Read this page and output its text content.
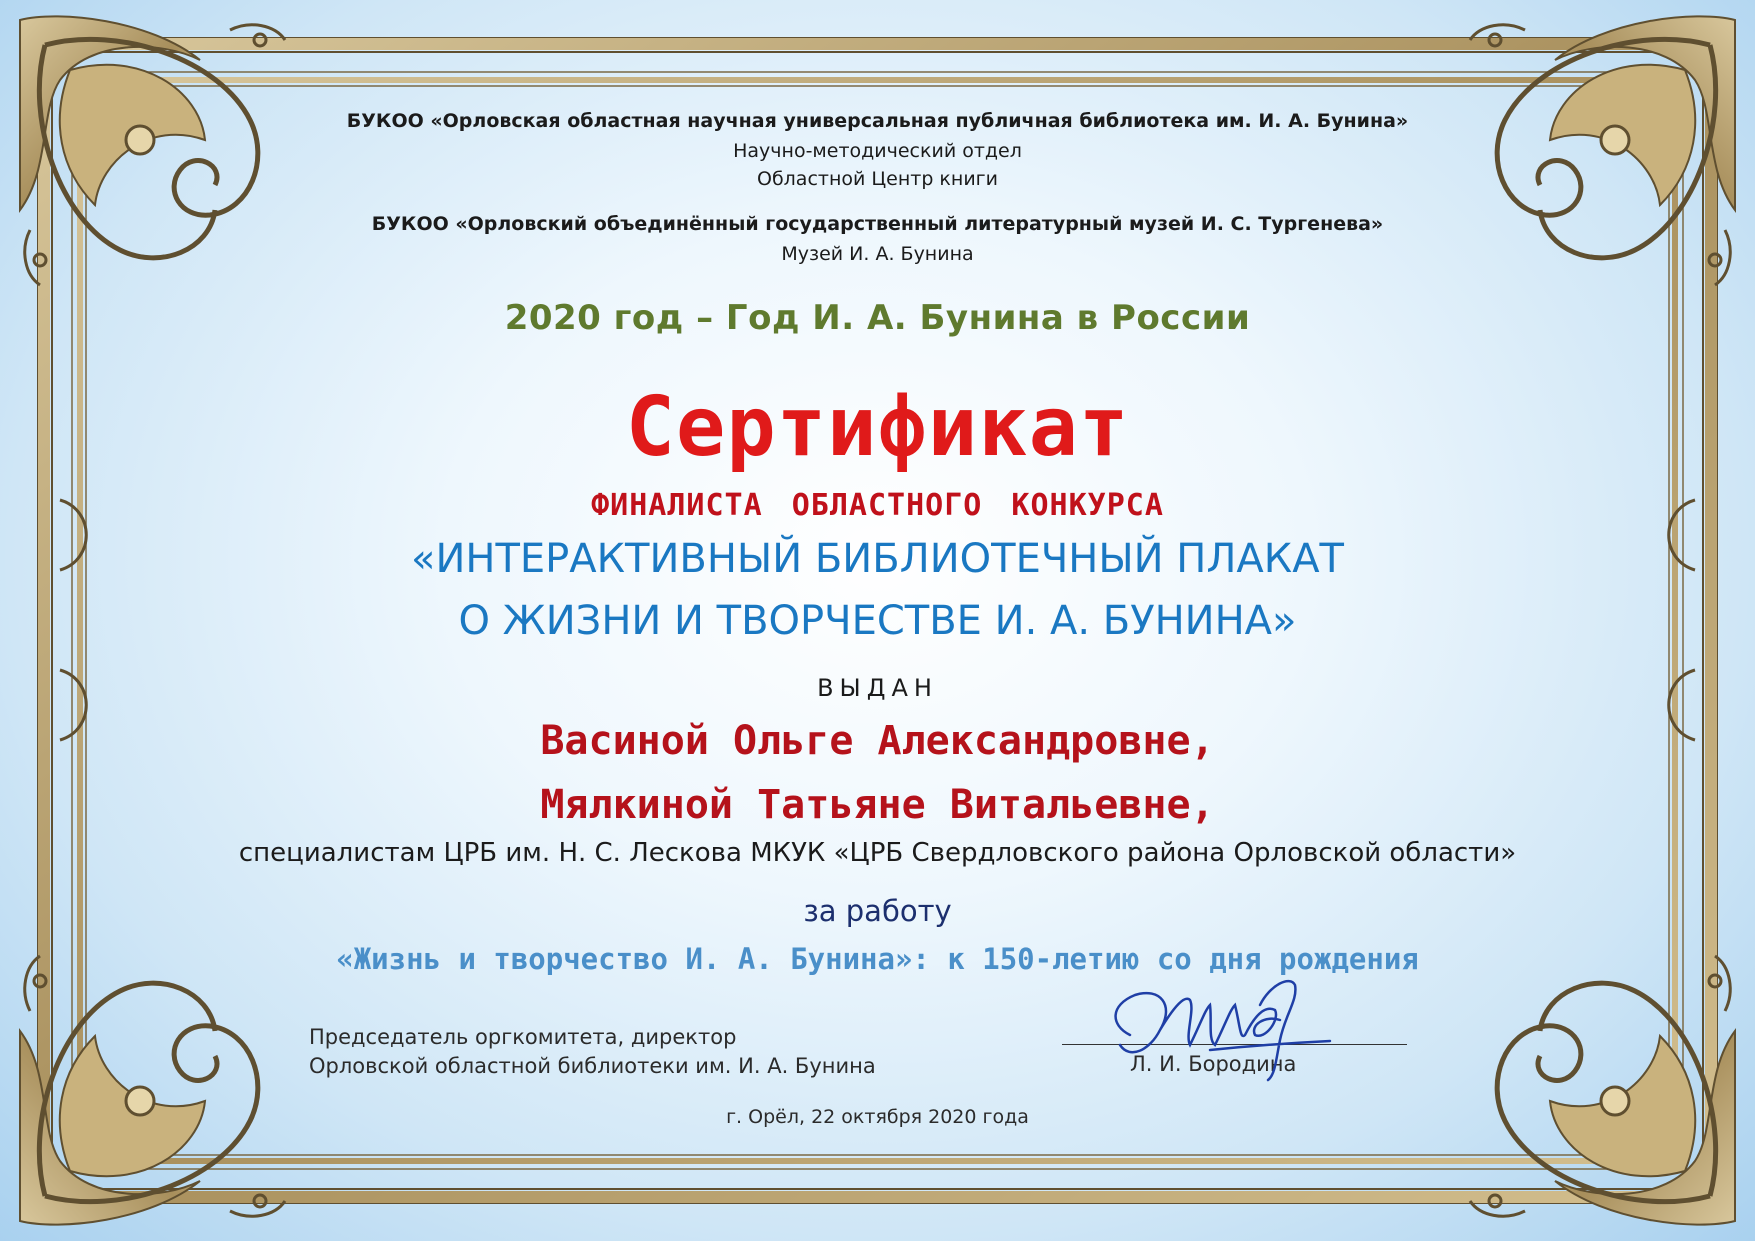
БУКОО «Орловская областная научная универсальная публичная библиотека им. И. А. Бунина»
Научно-методический отдел
Областной Центр книги
БУКОО «Орловский объединённый государственный литературный музей И. С. Тургенева»
Музей И. А. Бунина
2020 год – Год И. А. Бунина в России
Сертификат
ФИНАЛИСТА ОБЛАСТНОГО КОНКУРСА
«ИНТЕРАКТИВНЫЙ БИБЛИОТЕЧНЫЙ ПЛАКАТ
О ЖИЗНИ И ТВОРЧЕСТВЕ И. А. БУНИНА»
ВЫДАН
Васиной Ольге Александровне,
Мялкиной Татьяне Витальевне,
специалистам ЦРБ им. Н. С. Лескова МКУК «ЦРБ Свердловского района Орловской области»
за работу
«Жизнь и творчество И. А. Бунина»: к 150-летию со дня рождения
Председатель оргкомитета, директор
Орловской областной библиотеки им. И. А. Бунина	Л. И. Бородина
г. Орёл, 22 октября 2020 года
